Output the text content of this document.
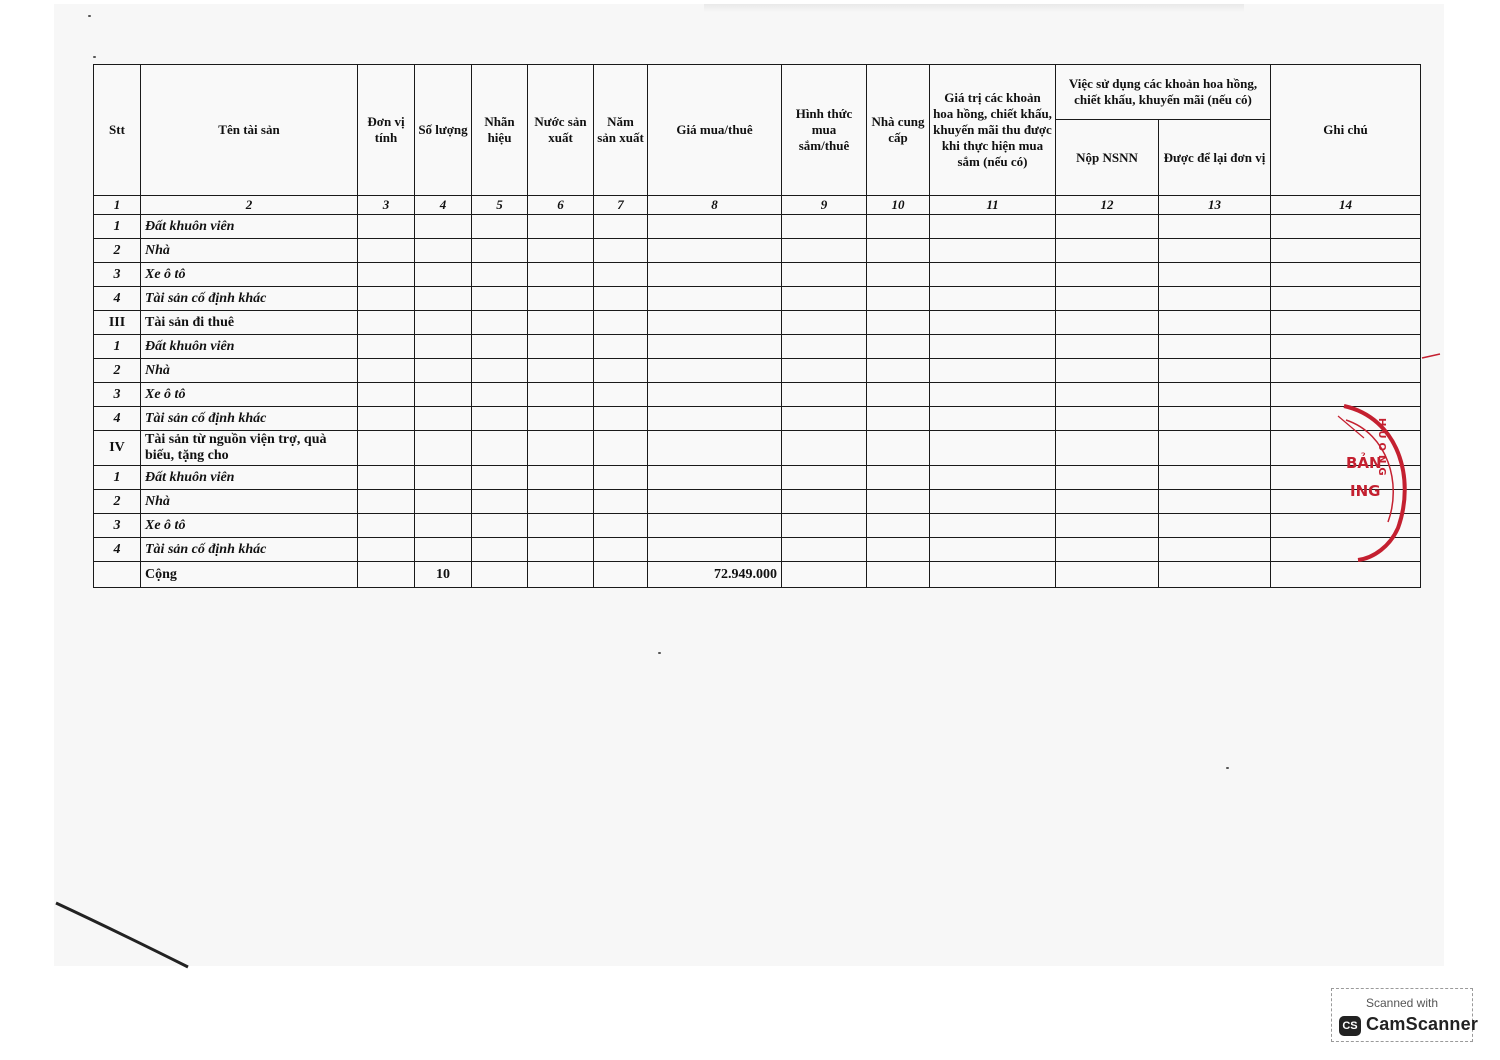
Stt	Tên tài sản	Đơn vị tính	Số lượng	Nhãn hiệu	Nước sản xuất	Năm sản xuất	Giá mua/thuê	Hình thức mua sắm/thuê	Nhà cung cấp	Giá trị các khoản hoa hồng, chiết khấu, khuyến mãi thu được khi thực hiện mua sắm (nếu có)	Việc sử dụng các khoản hoa hồng, chiết khấu, khuyến mãi (nếu có)		Ghi chú
											Nộp NSNN	Được để lại đơn vị	
1	2	3	4	5	6	7	8	9	10	11	12	13	14
1	Đất khuôn viên												
2	Nhà												
3	Xe ô tô												
4	Tài sản cố định khác												
III	Tài sản đi thuê												
1	Đất khuôn viên												
2	Nhà												
3	Xe ô tô												
4	Tài sản cố định khác												
IV	Tài sản từ nguồn viện trợ, quà biếu, tặng cho												
1	Đất khuôn viên												
2	Nhà												
3	Xe ô tô												
4	Tài sản cố định khác												
	Cộng		10				72.949.000						
BẢN
ING
HUONG
Scanned with
CS CamScanner
